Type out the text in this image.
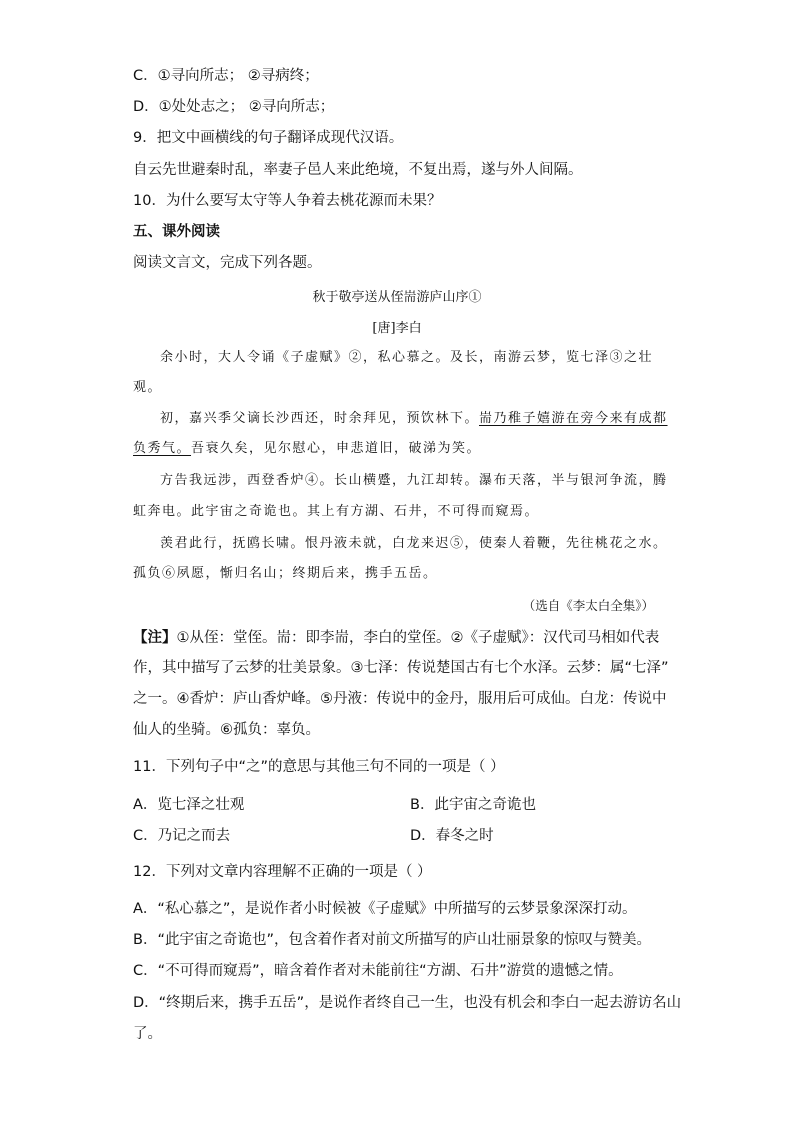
C．①寻向所志； ②寻病终；
D．①处处志之； ②寻向所志；
9．把文中画横线的句子翻译成现代汉语。
自云先世避秦时乱，率妻子邑人来此绝境，不复出焉，遂与外人间隔。
10．为什么要写太守等人争着去桃花源而未果？
五、课外阅读
阅读文言文，完成下列各题。
秋于敬亭送从侄耑游庐山序①
[唐]李白
余小时，大人令诵《子虚赋》②，私心慕之。及长，南游云梦，览七泽③之壮
观。
初，嘉兴季父谪长沙西还，时余拜见，预饮林下。耑乃稚子嬉游在旁今来有成都
负秀气。吾衰久矣，见尔慰心，申悲道旧，破涕为笑。
方告我远涉，西登香炉④。长山横蹙，九江却转。瀑布天落，半与银河争流，腾
虹奔电。此宇宙之奇诡也。其上有方湖、石井，不可得而窥焉。
羡君此行，抚鸥长啸。恨丹液未就，白龙来迟⑤，使秦人着鞭，先往桃花之水。
孤负⑥夙愿，惭归名山；终期后来，携手五岳。
（选自《李太白全集》）
【注】①从侄：堂侄。耑：即李耑，李白的堂侄。②《子虚赋》：汉代司马相如代表
作，其中描写了云梦的壮美景象。③七泽：传说楚国古有七个水泽。云梦：属“七泽”
之一。④香炉：庐山香炉峰。⑤丹液：传说中的金丹，服用后可成仙。白龙：传说中
仙人的坐骑。⑥孤负：辜负。
11．下列句子中“之”的意思与其他三句不同的一项是（ ）
A．览七泽之壮观	B．此宇宙之奇诡也
C．乃记之而去	D．春冬之时
12．下列对文章内容理解不正确的一项是（ ）
A．“私心慕之”，是说作者小时候被《子虚赋》中所描写的云梦景象深深打动。
B．“此宇宙之奇诡也”，包含着作者对前文所描写的庐山壮丽景象的惊叹与赞美。
C．“不可得而窥焉”，暗含着作者对未能前往“方湖、石井”游赏的遗憾之情。
D．“终期后来，携手五岳”，是说作者终自己一生，也没有机会和李白一起去游访名山
了。
